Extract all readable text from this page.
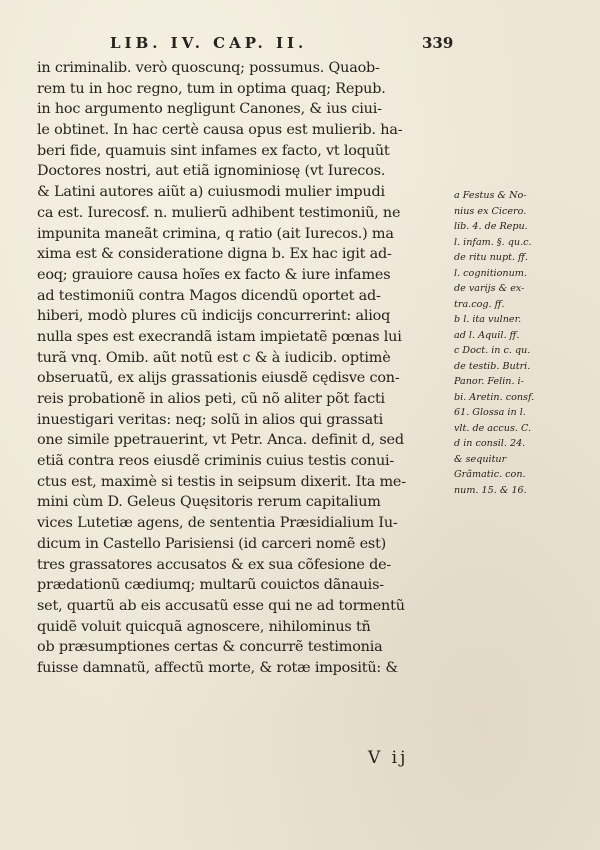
LIB. IV. CAP. II.	339
in criminalib. verò quoscunq; possumus. Quaob-
rem tu in hoc regno, tum in optima quaq; Repub.
in hoc argumento negligunt Canones, & ius ciui-
le obtinet. In hac certè causa opus est mulierib. ha-
beri fide, quamuis sint infames ex facto, vt loquũt
Doctores nostri, aut etiã ignominiosę (vt Iurecos.
& Latini autores aiũt a) cuiusmodi mulier impudi
ca est. Iurecosf. n. mulierũ adhibent testimoniũ, ne
impunita maneãt crimina, q ratio (ait Iurecos.) ma
xima est & consideratione digna b. Ex hac igit ad-
eoq; grauiore causa hoĩes ex facto & iure infames
ad testimoniũ contra Magos dicendũ oportet ad-
hiberi, modò plures cũ indicijs concurrerint: alioq
nulla spes est execrandã istam impietatẽ pœnas lui
turã vnq. Omib. aũt notũ est c & à iudicib. optimè
obseruatũ, ex alijs grassationis eiusdẽ cędisve con-
reis probationẽ in alios peti, cũ nõ aliter põt facti
inuestigari veritas: neq; solũ in alios qui grassati
one simile ppetrauerint, vt Petr. Anca. definit d, sed
etiã contra reos eiusdẽ criminis cuius testis conui-
ctus est, maximè si testis in seipsum dixerit. Ita me-
mini cùm D. Geleus Quęsitoris rerum capitalium
vices Lutetiæ agens, de sententia Præsidialium Iu-
dicum in Castello Parisiensi (id carceri nomẽ est)
tres grassatores accusatos & ex sua cõfesione de-
prædationũ cædiumq; multarũ couictos dãnauis-
set, quartũ ab eis accusatũ esse qui ne ad tormentũ
quidẽ voluit quicquã agnoscere, nihilominus tñ
ob præsumptiones certas & concurrẽ testimonia
fuisse damnatũ, affectũ morte, & rotæ impositũ: &
a Festus & No-
nius ex Cicero.
lib. 4. de Repu.
l. infam. §. qu.c.
de ritu nupt. ff.
l. cognitionum.
de varijs & ex-
tra.cog. ff.
b l. ita vulner.
ad l. Aquil. ff.
c Doct. in c. qu.
de testib. Butri.
Panor. Felin. i-
bi. Aretin. consf.
61. Glossa in l.
vlt. de accus. C.
d in consil. 24.
& sequitur
Grãmatic. con.
num. 15. & 16.
V ij
